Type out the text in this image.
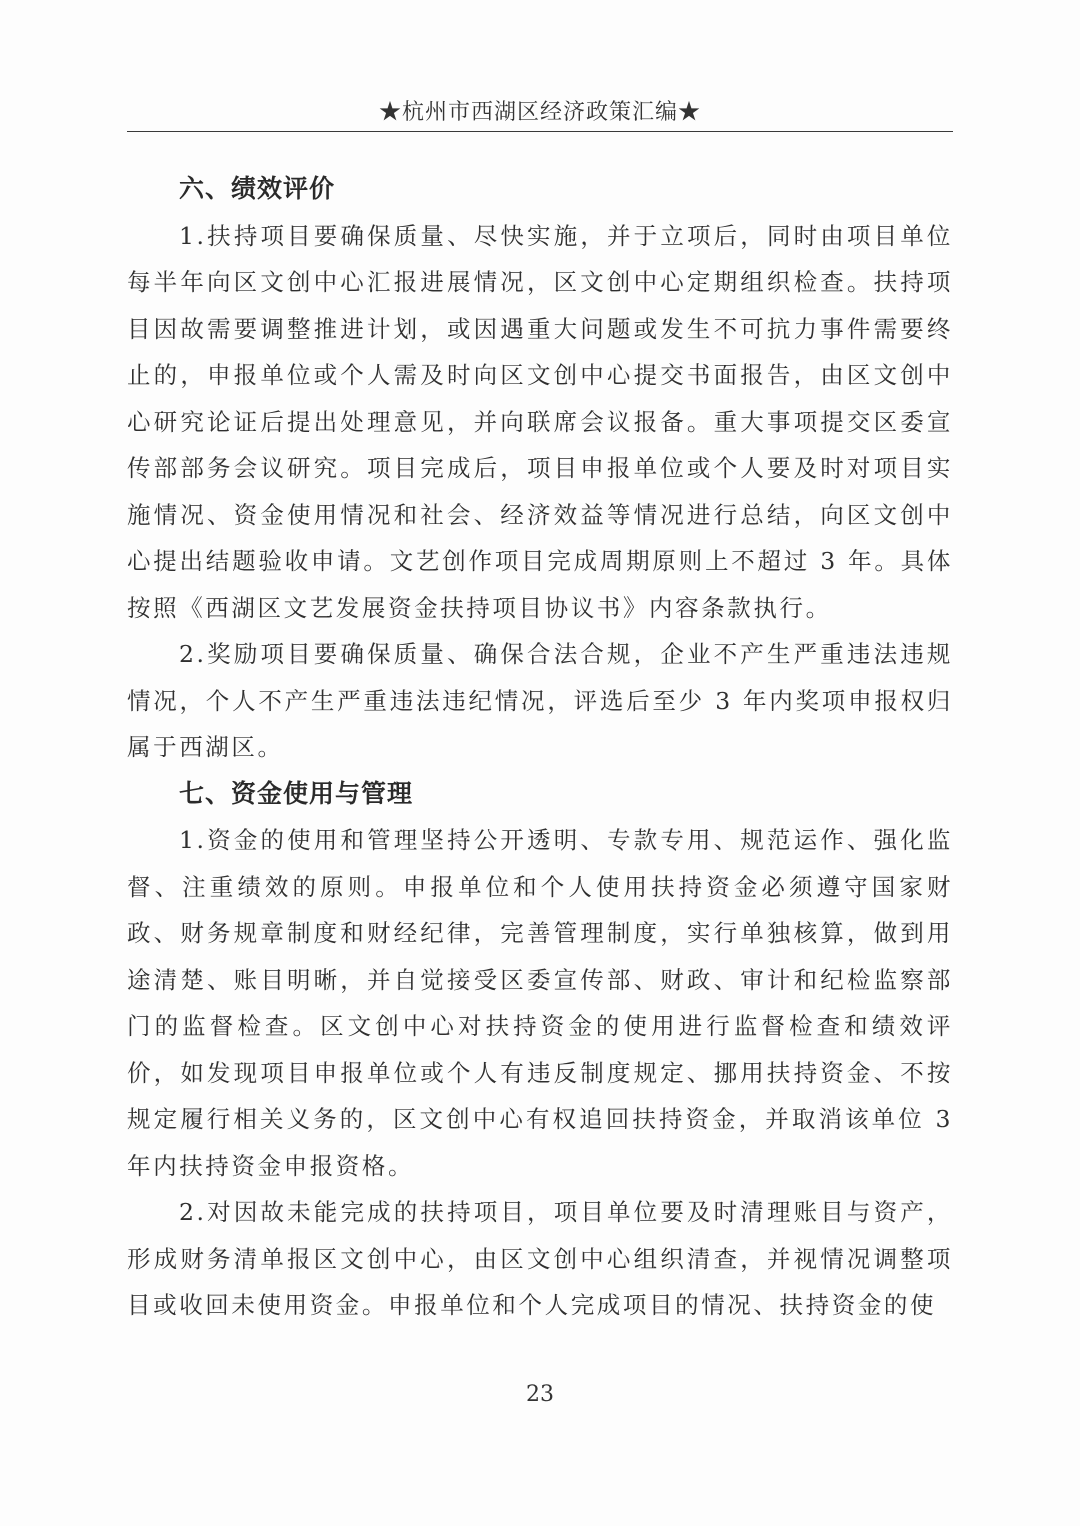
★杭州市西湖区经济政策汇编★

六、绩效评价

1.扶持项目要确保质量、尽快实施，并于立项后，同时由项目单位每半年向区文创中心汇报进展情况，区文创中心定期组织检查。扶持项目因故需要调整推进计划，或因遇重大问题或发生不可抗力事件需要终止的，申报单位或个人需及时向区文创中心提交书面报告，由区文创中心研究论证后提出处理意见，并向联席会议报备。重大事项提交区委宣传部部务会议研究。项目完成后，项目申报单位或个人要及时对项目实施情况、资金使用情况和社会、经济效益等情况进行总结，向区文创中心提出结题验收申请。文艺创作项目完成周期原则上不超过 3 年。具体按照《西湖区文艺发展资金扶持项目协议书》内容条款执行。

2.奖励项目要确保质量、确保合法合规，企业不产生严重违法违规情况，个人不产生严重违法违纪情况，评选后至少 3 年内奖项申报权归属于西湖区。

七、资金使用与管理

1.资金的使用和管理坚持公开透明、专款专用、规范运作、强化监督、注重绩效的原则。申报单位和个人使用扶持资金必须遵守国家财政、财务规章制度和财经纪律，完善管理制度，实行单独核算，做到用途清楚、账目明晰，并自觉接受区委宣传部、财政、审计和纪检监察部门的监督检查。区文创中心对扶持资金的使用进行监督检查和绩效评价，如发现项目申报单位或个人有违反制度规定、挪用扶持资金、不按规定履行相关义务的，区文创中心有权追回扶持资金，并取消该单位 3 年内扶持资金申报资格。

2.对因故未能完成的扶持项目，项目单位要及时清理账目与资产，形成财务清单报区文创中心，由区文创中心组织清查，并视情况调整项目或收回未使用资金。申报单位和个人完成项目的情况、扶持资金的使

23
